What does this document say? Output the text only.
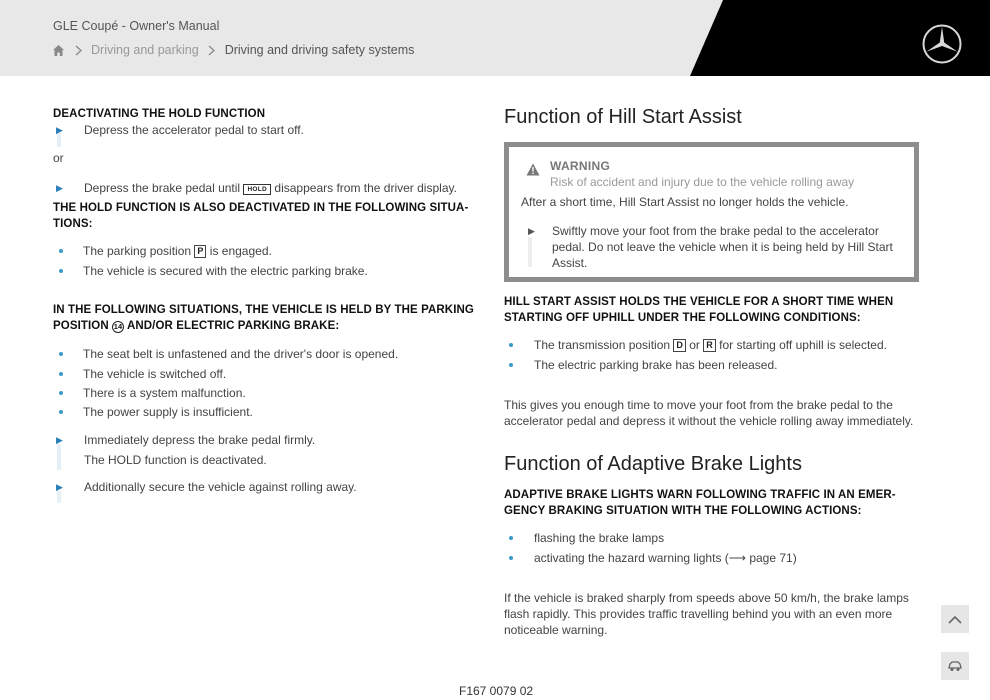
GLE Coupé - Owner's Manual
Driving and parking Driving and driving safety systems
DEACTIVATING THE HOLD FUNCTION
▶ Depress the accelerator pedal to start off.
or
▶ Depress the brake pedal until HOLD disappears from the driver display.
THE HOLD FUNCTION IS ALSO DEACTIVATED IN THE FOLLOWING SITUA-
TIONS:
The parking position P is engaged.
The vehicle is secured with the electric parking brake.
IN THE FOLLOWING SITUATIONS, THE VEHICLE IS HELD BY THE PARKING
POSITION 14 AND/OR ELECTRIC PARKING BRAKE:
The seat belt is unfastened and the driver's door is opened.
The vehicle is switched off.
There is a system malfunction.
The power supply is insufficient.
▶ Immediately depress the brake pedal firmly.
The HOLD function is deactivated.
▶ Additionally secure the vehicle against rolling away.
Function of Hill Start Assist
WARNING
Risk of accident and injury due to the vehicle rolling away
After a short time, Hill Start Assist no longer holds the vehicle.
▶ Swiftly move your foot from the brake pedal to the accelerator pedal. Do not leave the vehicle when it is being held by Hill Start Assist.
HILL START ASSIST HOLDS THE VEHICLE FOR A SHORT TIME WHEN
STARTING OFF UPHILL UNDER THE FOLLOWING CONDITIONS:
The transmission position D or R for starting off uphill is selected.
The electric parking brake has been released.
This gives you enough time to move your foot from the brake pedal to the
accelerator pedal and depress it without the vehicle rolling away immediately.
Function of Adaptive Brake Lights
ADAPTIVE BRAKE LIGHTS WARN FOLLOWING TRAFFIC IN AN EMER-
GENCY BRAKING SITUATION WITH THE FOLLOWING ACTIONS:
flashing the brake lamps
activating the hazard warning lights (⟶ page 71)
If the vehicle is braked sharply from speeds above 50 km/h, the brake lamps
flash rapidly. This provides traffic travelling behind you with an even more
noticeable warning.
F167 0079 02
